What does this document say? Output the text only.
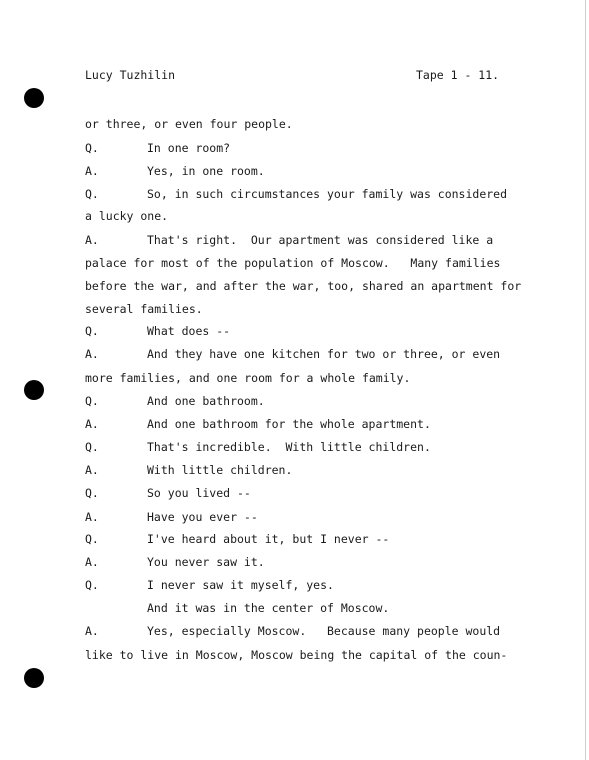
Lucy Tuzhilin	Tape 1 - 11.
or three, or even four people.
Q.	In one room?
A.	Yes, in one room.
Q.	So, in such circumstances your family was considered
a lucky one.
A.	That's right.  Our apartment was considered like a
palace for most of the population of Moscow.   Many families
before the war, and after the war, too, shared an apartment for
several families.
Q.	What does --
A.	And they have one kitchen for two or three, or even
more families, and one room for a whole family.
Q.	And one bathroom.
A.	And one bathroom for the whole apartment.
Q.	That's incredible.  With little children.
A.	With little children.
Q.	So you lived --
A.	Have you ever --
Q.	I've heard about it, but I never --
A.	You never saw it.
Q.	I never saw it myself, yes.
And it was in the center of Moscow.
A.	Yes, especially Moscow.   Because many people would
like to live in Moscow, Moscow being the capital of the coun-
